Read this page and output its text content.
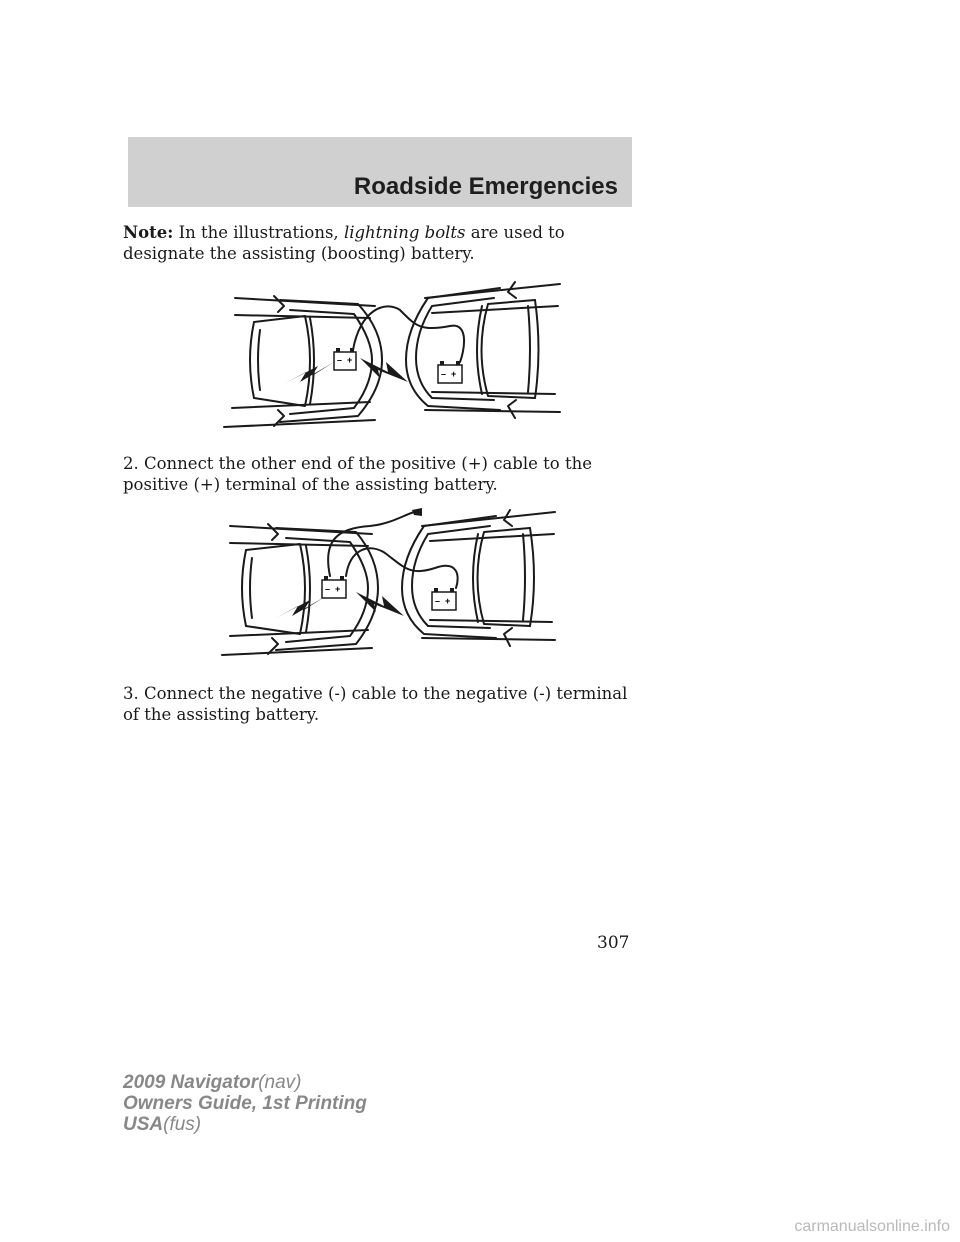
Roadside Emergencies

Note: In the illustrations, lightning bolts are used to designate the assisting (boosting) battery.

– +
– +

2. Connect the other end of the positive (+) cable to the positive (+) terminal of the assisting battery.

– +
– +

3. Connect the negative (-) cable to the negative (-) terminal of the assisting battery.

307
2009 Navigator(nav)
Owners Guide, 1st Printing
USA(fus)
carmanualsonline.info
